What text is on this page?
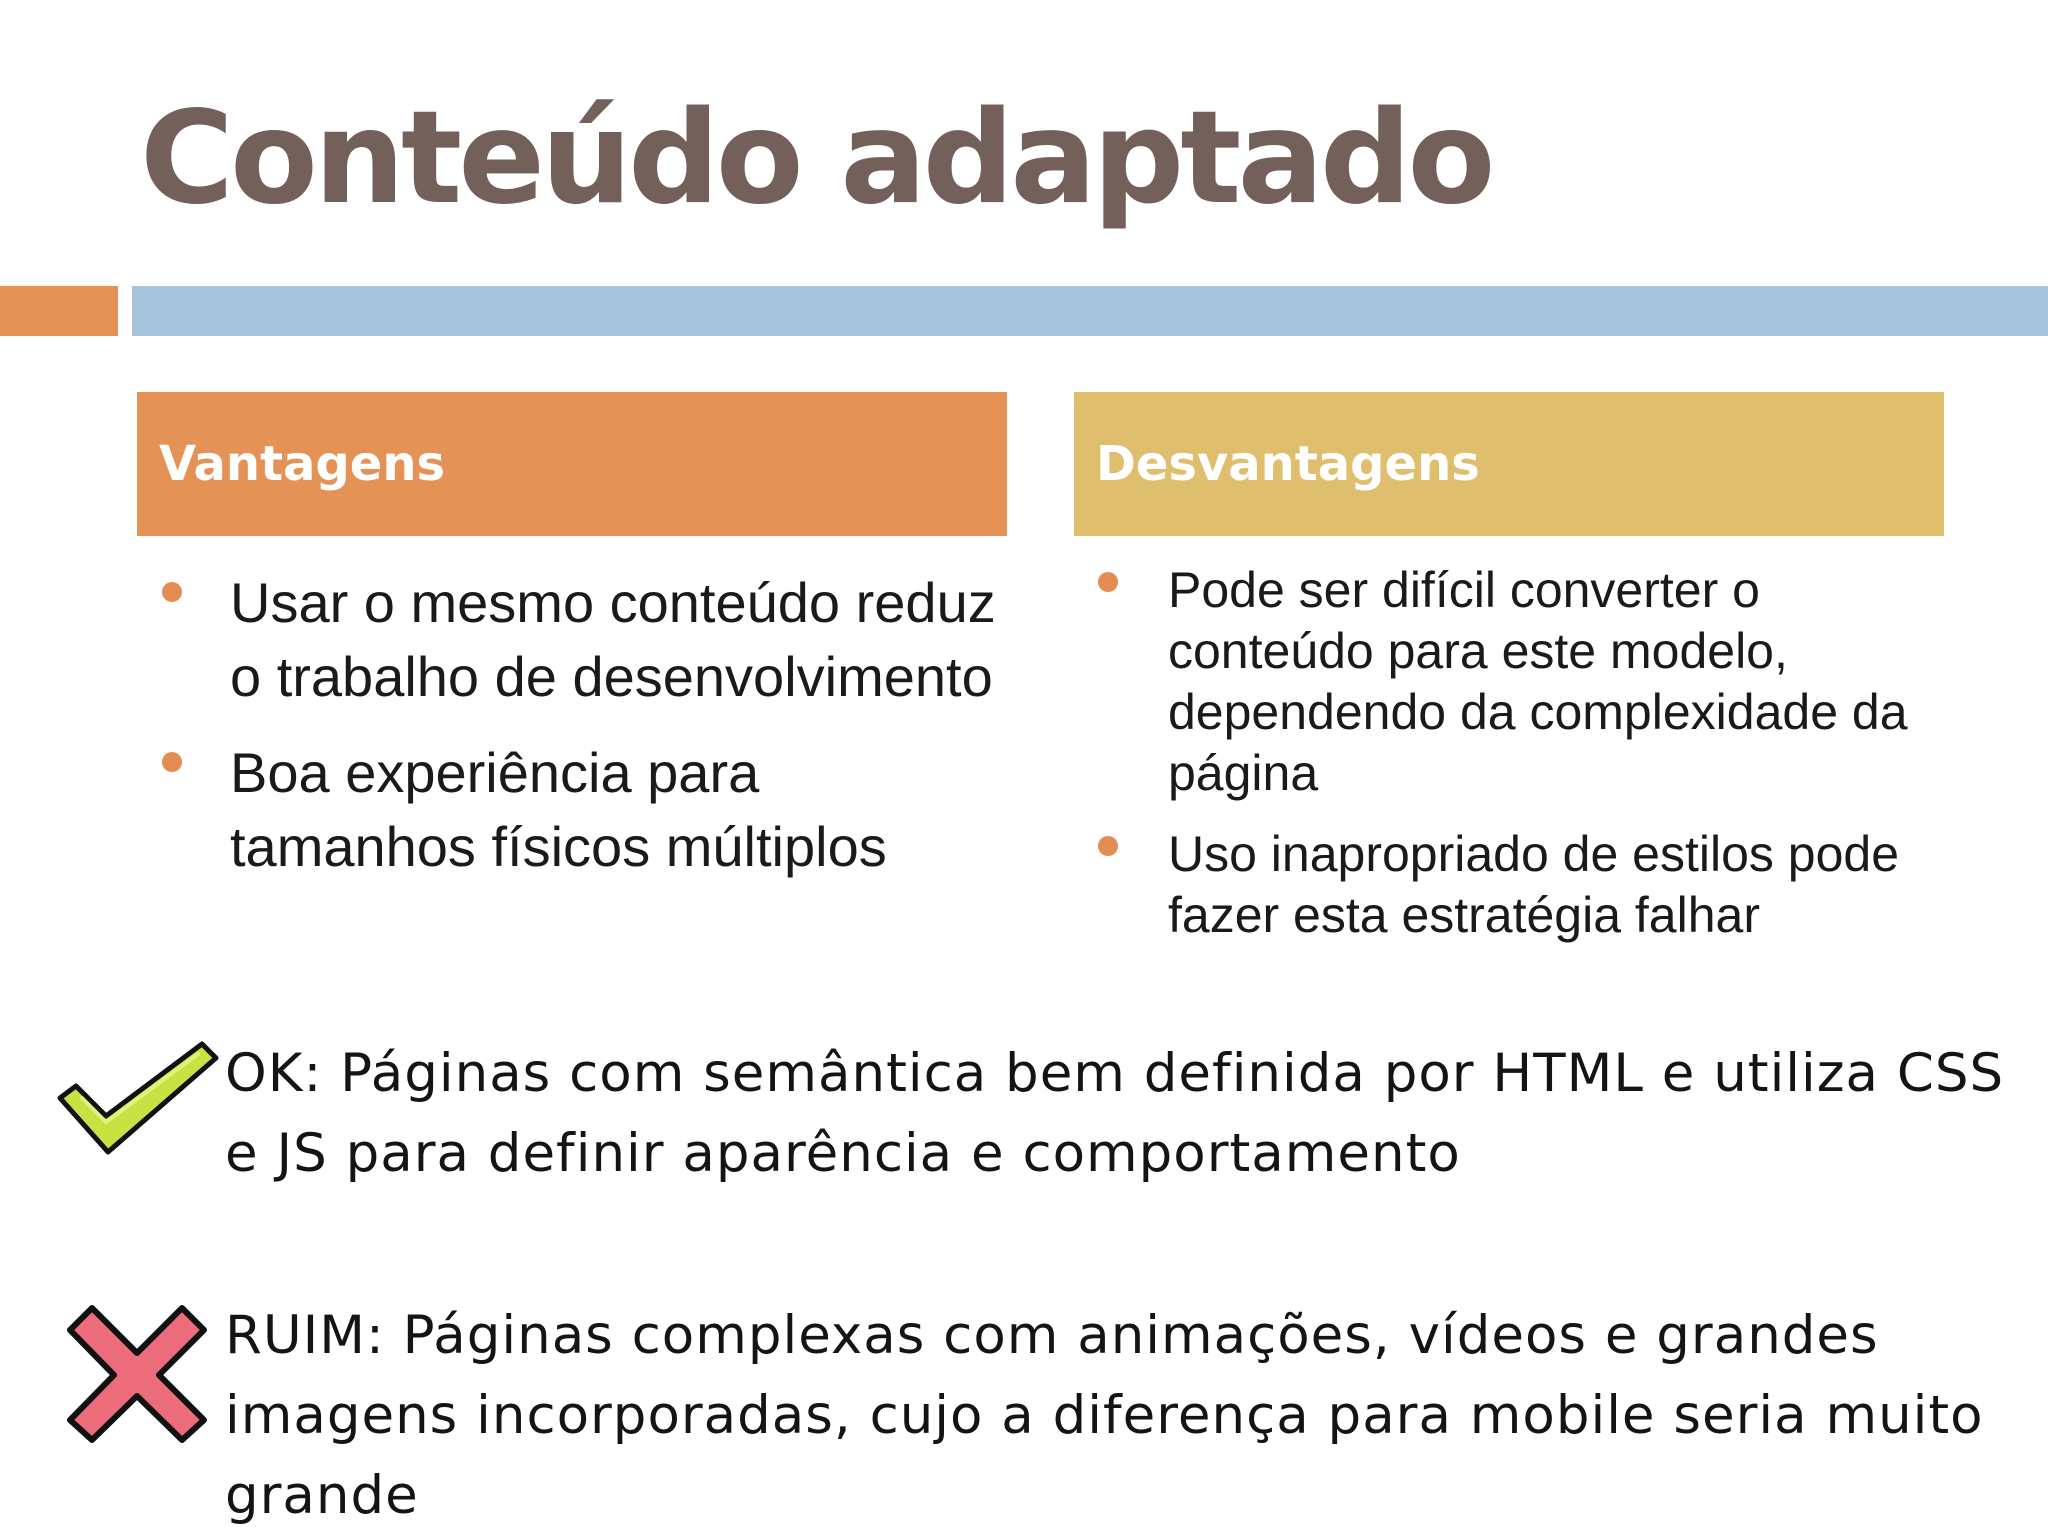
Conteúdo adaptado
Vantagens	Desvantagens
Usar o mesmo conteúdo reduz o trabalho de desenvolvimento
Boa experiência para tamanhos físicos múltiplos
Pode ser difícil converter o conteúdo para este modelo, dependendo da complexidade da página
Uso inapropriado de estilos pode fazer esta estratégia falhar
OK: Páginas com semântica bem definida por HTML e utiliza CSS e JS para definir aparência e comportamento
RUIM: Páginas complexas com animações, vídeos e grandes imagens incorporadas, cujo a diferença para mobile seria muito grande
